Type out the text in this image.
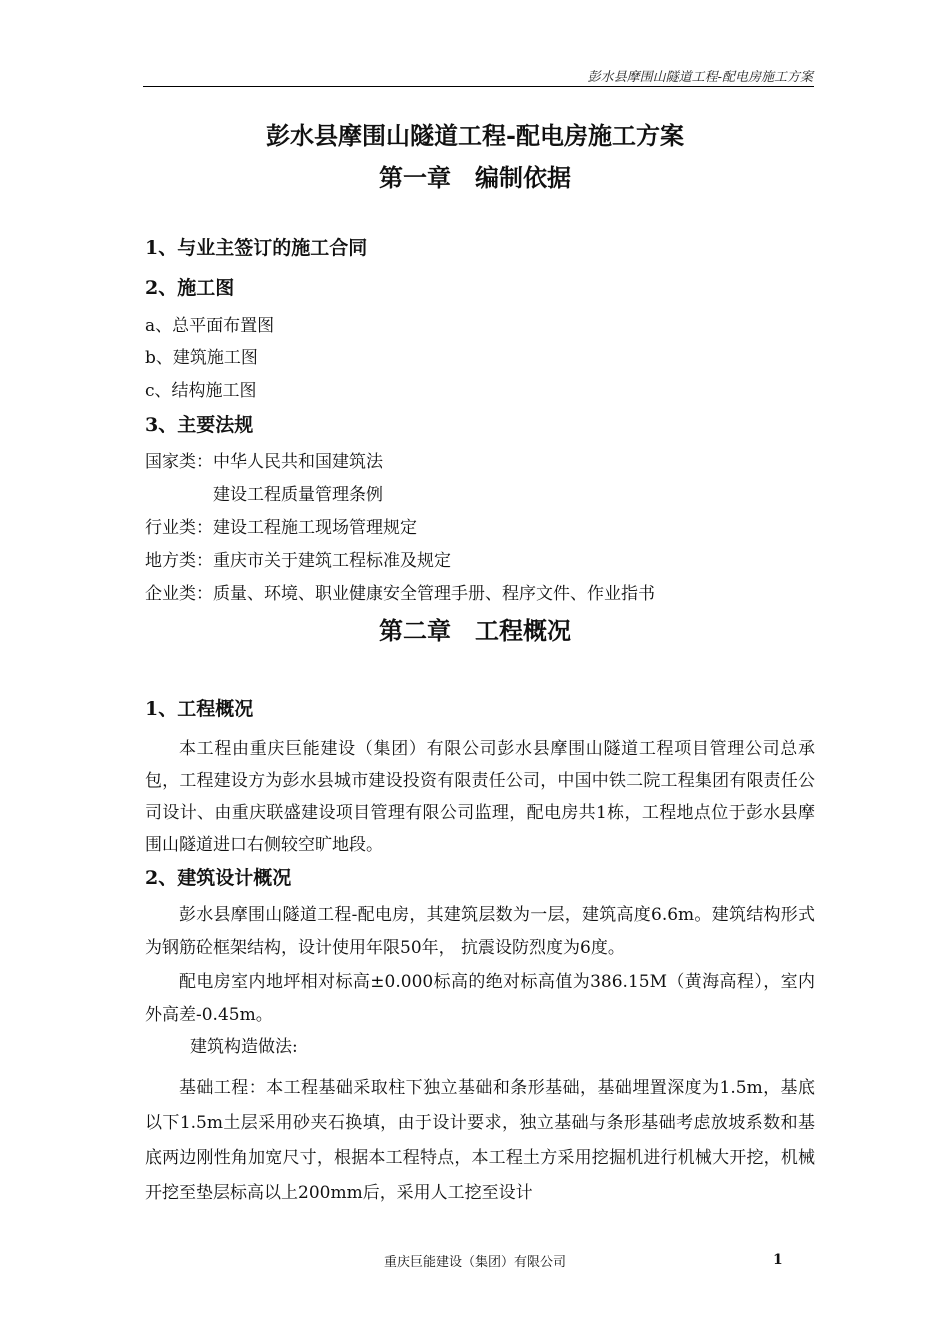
彭水县摩围山隧道工程-配电房施工方案
彭水县摩围山隧道工程-配电房施工方案
第一章　编制依据
1、与业主签订的施工合同
2、施工图
a、总平面布置图
b、建筑施工图
c、结构施工图
3、主要法规
国家类：中华人民共和国建筑法
　　　　建设工程质量管理条例
行业类：建设工程施工现场管理规定
地方类：重庆市关于建筑工程标准及规定
企业类：质量、环境、职业健康安全管理手册、程序文件、作业指书
第二章　工程概况
1、工程概况
本工程由重庆巨能建设（集团）有限公司彭水县摩围山隧道工程项目管理公司总承包，工程建设方为彭水县城市建设投资有限责任公司，中国中铁二院工程集团有限责任公司设计、由重庆联盛建设项目管理有限公司监理，配电房共1栋，工程地点位于彭水县摩围山隧道进口右侧较空旷地段。
2、建筑设计概况
彭水县摩围山隧道工程-配电房，其建筑层数为一层，建筑高度6.6m。建筑结构形式为钢筋砼框架结构，设计使用年限50年， 抗震设防烈度为6度。
配电房室内地坪相对标高±0.000标高的绝对标高值为386.15M（黄海高程），室内外高差-0.45m。
建筑构造做法:
基础工程：本工程基础采取柱下独立基础和条形基础，基础埋置深度为1.5m，基底以下1.5m土层采用砂夹石换填，由于设计要求，独立基础与条形基础考虑放坡系数和基底两边刚性角加宽尺寸，根据本工程特点，本工程土方采用挖掘机进行机械大开挖，机械开挖至垫层标高以上200mm后，采用人工挖至设计
重庆巨能建设（集团）有限公司	1
